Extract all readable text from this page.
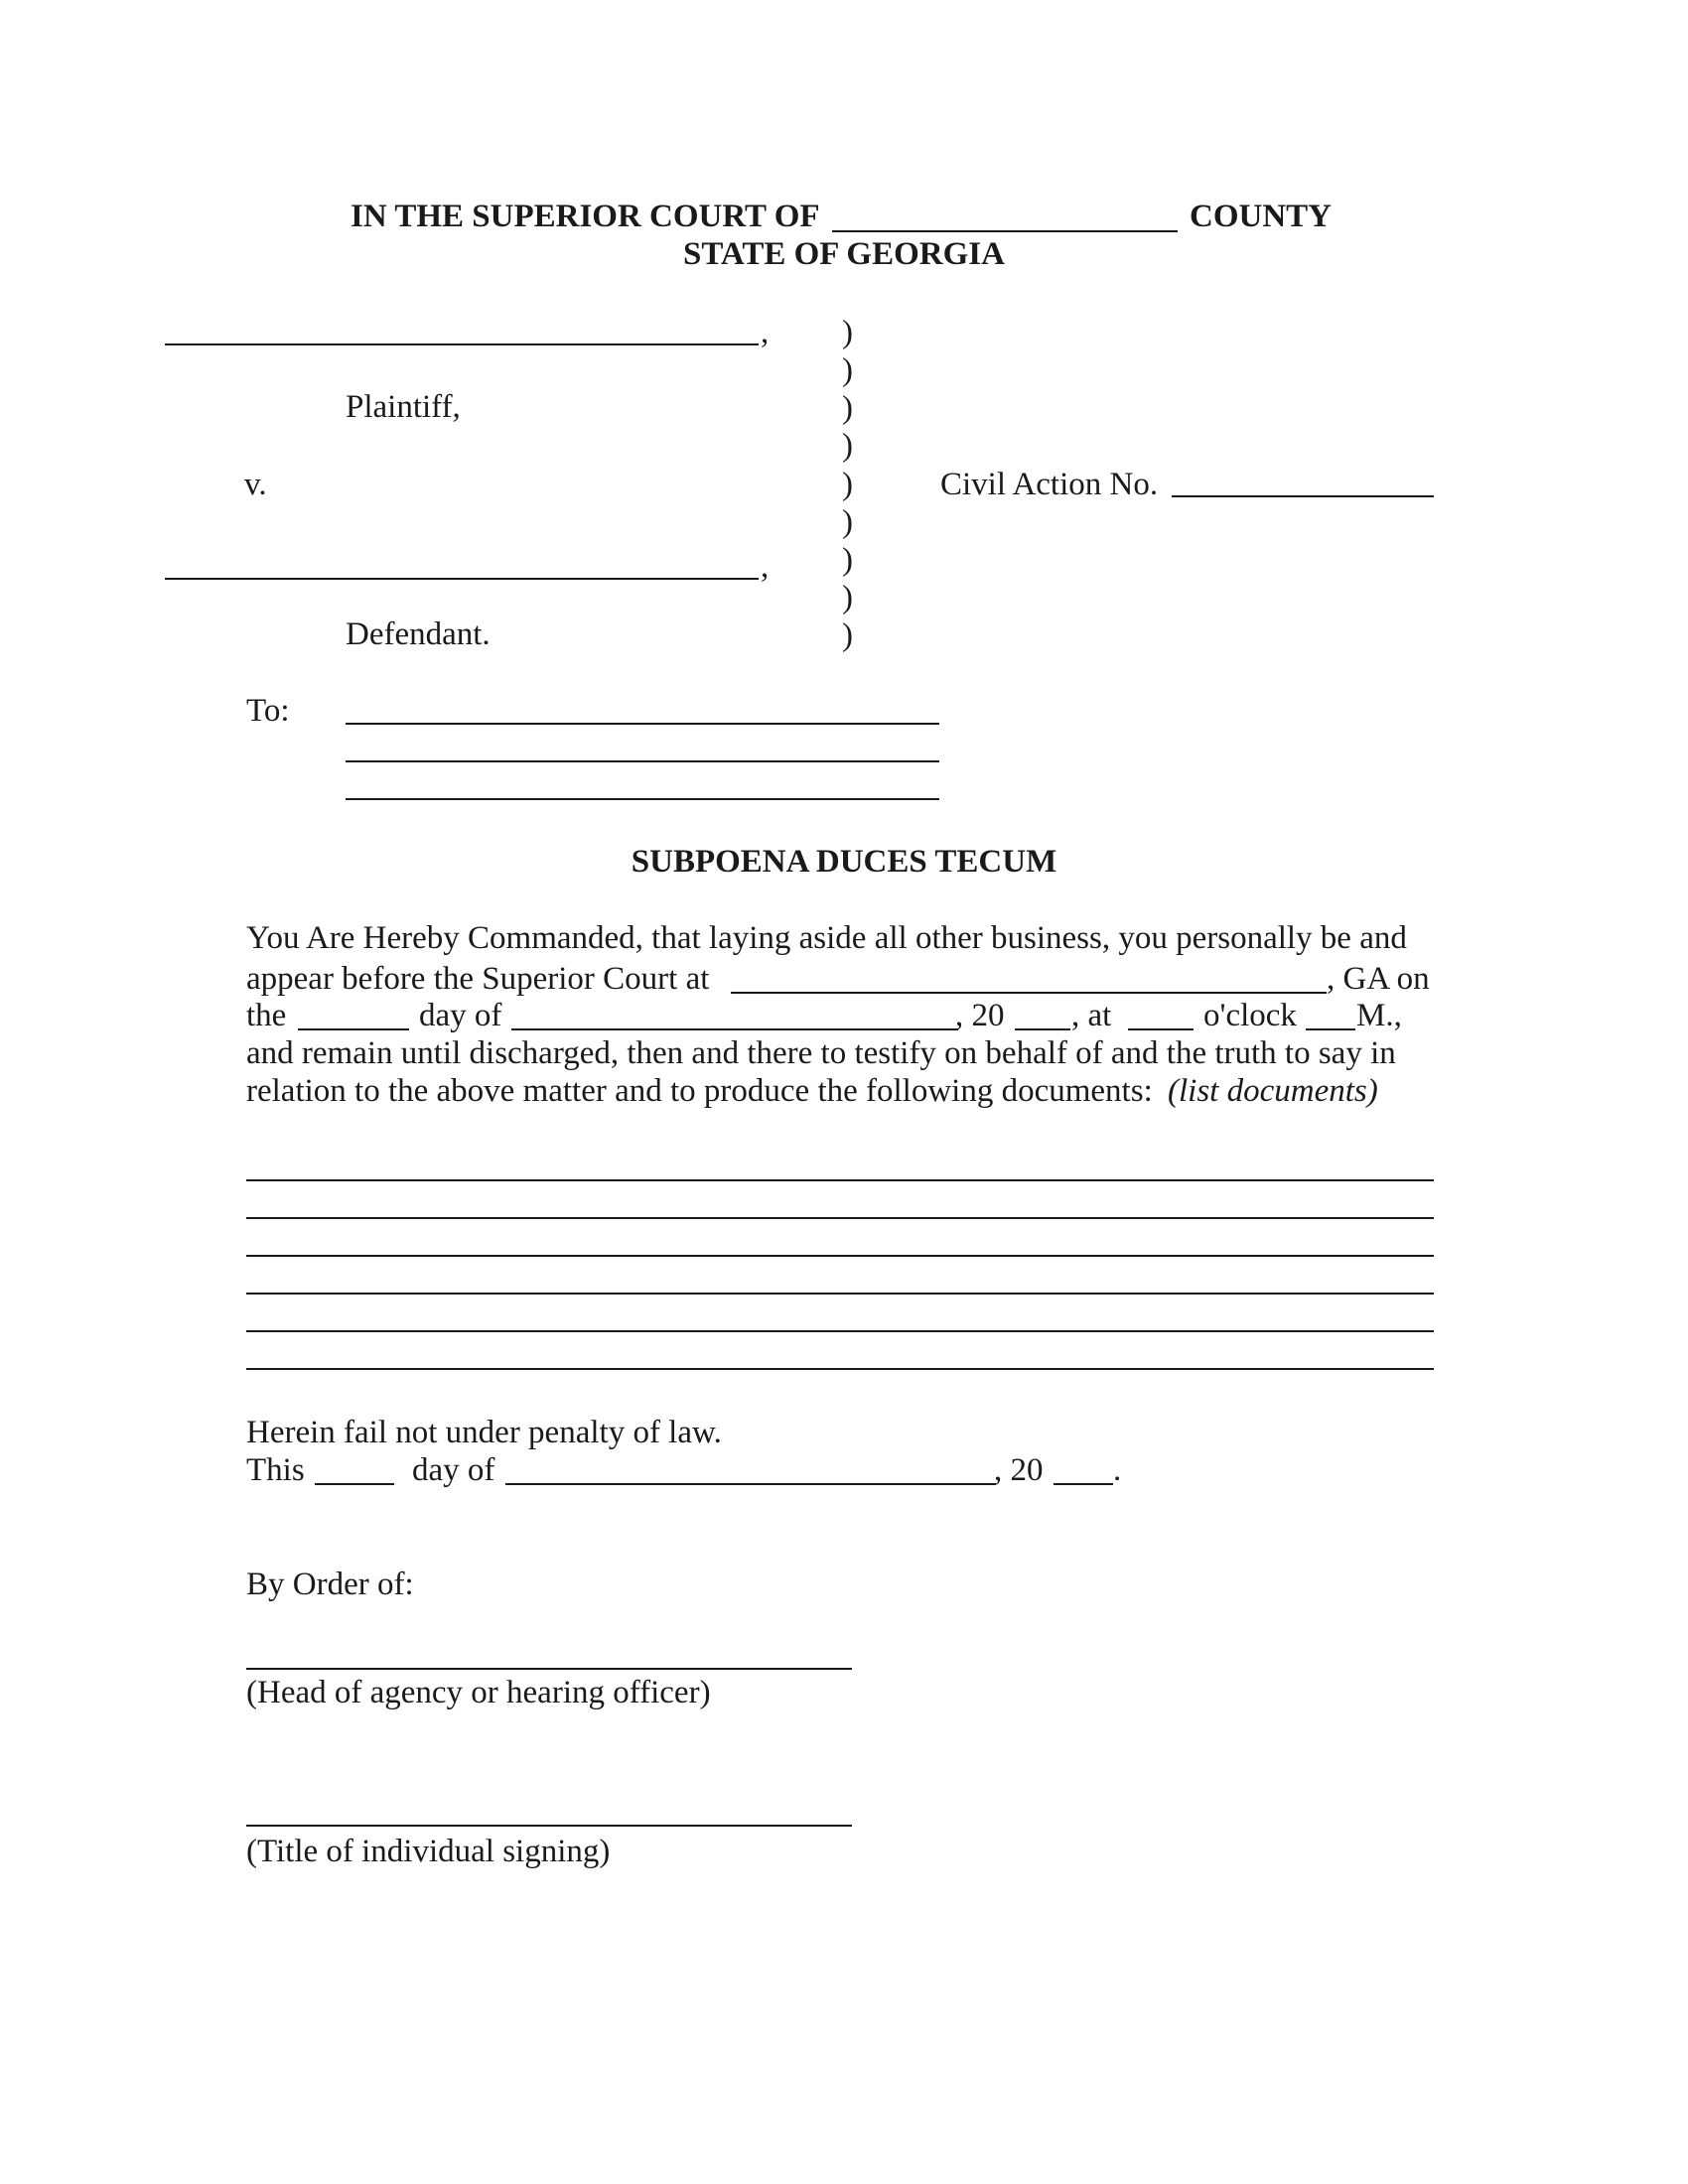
IN THE SUPERIOR COURT OF	COUNTY
STATE OF GEORGIA
,
Plaintiff,
v.
,
Defendant.
)
)
)
)
)
)
)
)
)
Civil Action No.
To:
SUBPOENA DUCES TECUM
You Are Hereby Commanded, that laying aside all other business, you personally be and
appear before the Superior Court at	, GA on
the	day of	, 20 , at	o'clock M.,
and remain until discharged, then and there to testify on behalf of and the truth to say in
relation to the above matter and to produce the following documents: (list documents)
Herein fail not under penalty of law.
This	day of	, 20 .
By Order of:
(Head of agency or hearing officer)
(Title of individual signing)
